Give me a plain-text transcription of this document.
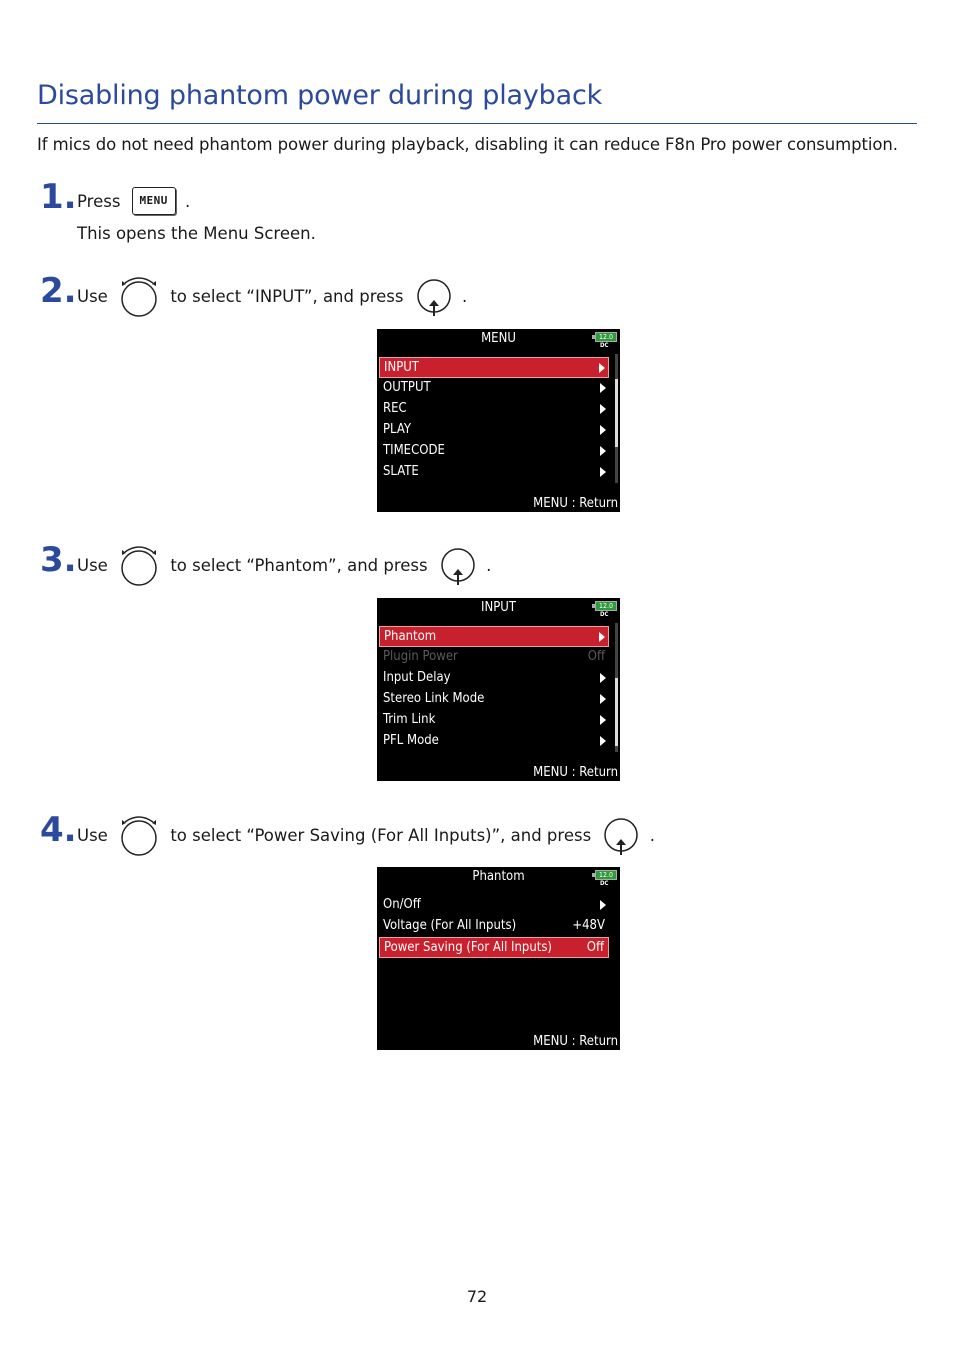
Disabling phantom power during playback
If mics do not need phantom power during playback, disabling it can reduce F8n Pro power consumption.
1. Press	MENU	.
This opens the Menu Screen.
2. Use	to select “INPUT”, and press	.
MENU	12.0
DC
INPUT
OUTPUT
REC
PLAY
TIMECODE
SLATE
MENU : Return
3. Use	to select “Phantom”, and press	.
INPUT	12.0
DC
Phantom
Plugin Power	Off
Input Delay
Stereo Link Mode
Trim Link
PFL Mode
MENU : Return
4. Use	to select “Power Saving (For All Inputs)”, and press	.
Phantom	12.0
DC
On/Off
Voltage (For All Inputs)	+48V
Power Saving (For All Inputs)	Off
MENU : Return
72
